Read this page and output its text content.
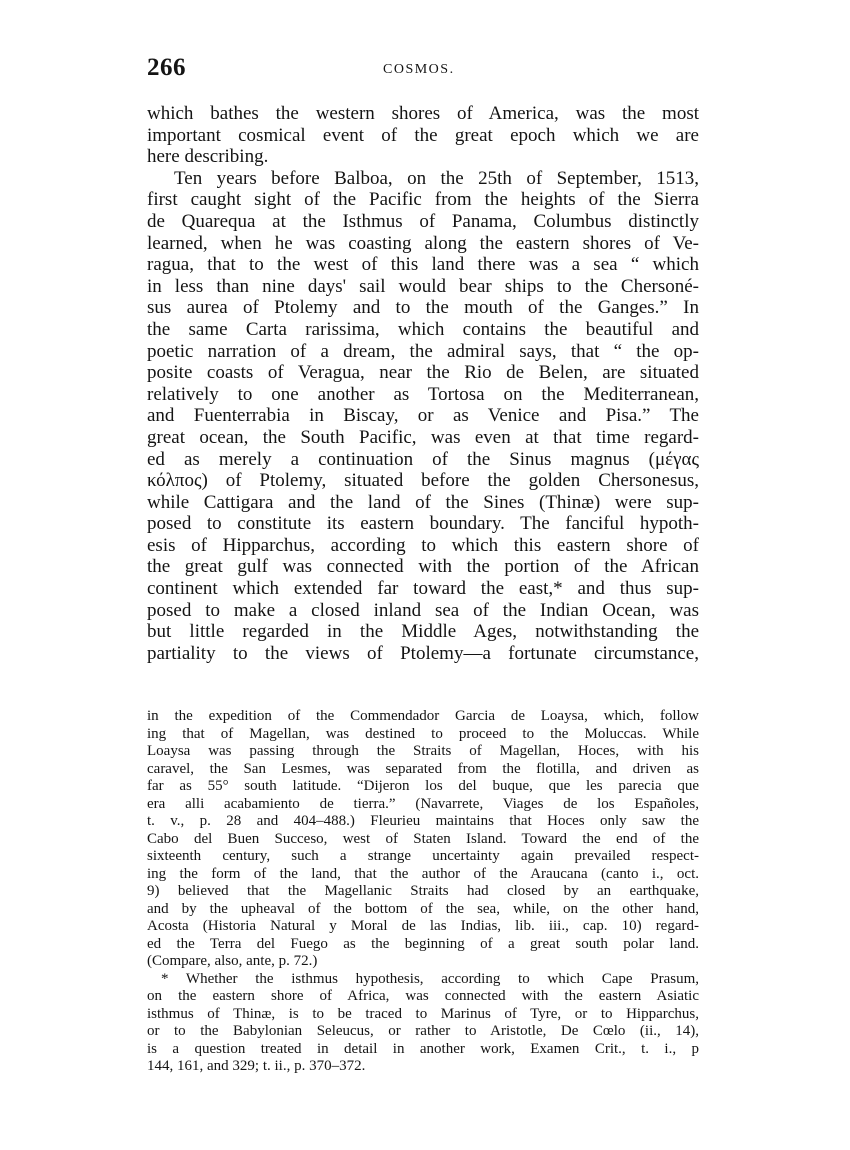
266	COSMOS.
which bathes the western shores of America, was the most
important cosmical event of the great epoch which we are
here describing.
Ten years before Balboa, on the 25th of September, 1513,
first caught sight of the Pacific from the heights of the Sierra
de Quarequa at the Isthmus of Panama, Columbus distinctly
learned, when he was coasting along the eastern shores of Ve-
ragua, that to the west of this land there was a sea “ which
in less than nine days' sail would bear ships to the Chersoné-
sus aurea of Ptolemy and to the mouth of the Ganges.” In
the same Carta rarissima, which contains the beautiful and
poetic narration of a dream, the admiral says, that “ the op-
posite coasts of Veragua, near the Rio de Belen, are situated
relatively to one another as Tortosa on the Mediterranean,
and Fuenterrabia in Biscay, or as Venice and Pisa.” The
great ocean, the South Pacific, was even at that time regard-
ed as merely a continuation of the Sinus magnus (μέγας
κόλπος) of Ptolemy, situated before the golden Chersonesus,
while Cattigara and the land of the Sines (Thinæ) were sup-
posed to constitute its eastern boundary. The fanciful hypoth-
esis of Hipparchus, according to which this eastern shore of
the great gulf was connected with the portion of the African
continent which extended far toward the east,* and thus sup-
posed to make a closed inland sea of the Indian Ocean, was
but little regarded in the Middle Ages, notwithstanding the
partiality to the views of Ptolemy—a fortunate circumstance,
in the expedition of the Commendador Garcia de Loaysa, which, follow
ing that of Magellan, was destined to proceed to the Moluccas. While
Loaysa was passing through the Straits of Magellan, Hoces, with his
caravel, the San Lesmes, was separated from the flotilla, and driven as
far as 55° south latitude. “Dijeron los del buque, que les parecia que
era alli acabamiento de tierra.” (Navarrete, Viages de los Españoles,
t. v., p. 28 and 404–488.) Fleurieu maintains that Hoces only saw the
Cabo del Buen Succeso, west of Staten Island. Toward the end of the
sixteenth century, such a strange uncertainty again prevailed respect-
ing the form of the land, that the author of the Araucana (canto i., oct.
9) believed that the Magellanic Straits had closed by an earthquake,
and by the upheaval of the bottom of the sea, while, on the other hand,
Acosta (Historia Natural y Moral de las Indias, lib. iii., cap. 10) regard-
ed the Terra del Fuego as the beginning of a great south polar land.
(Compare, also, ante, p. 72.)
* Whether the isthmus hypothesis, according to which Cape Prasum,
on the eastern shore of Africa, was connected with the eastern Asiatic
isthmus of Thinæ, is to be traced to Marinus of Tyre, or to Hipparchus,
or to the Babylonian Seleucus, or rather to Aristotle, De Cœlo (ii., 14),
is a question treated in detail in another work, Examen Crit., t. i., p
144, 161, and 329; t. ii., p. 370–372.
